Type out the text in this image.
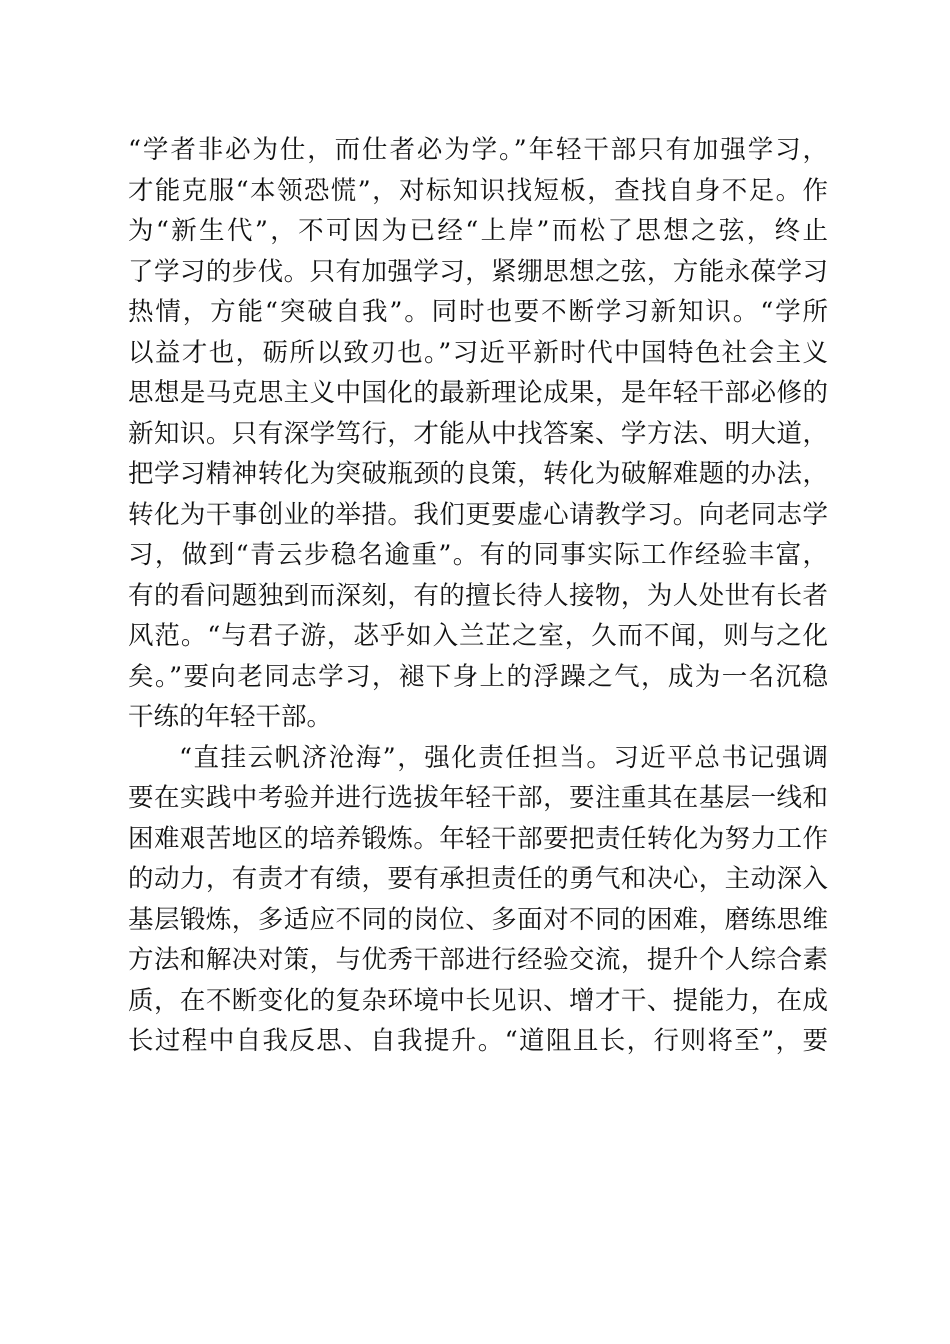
“学者非必为仕，而仕者必为学。”年轻干部只有加强学习，
才能克服“本领恐慌”，对标知识找短板，查找自身不足。作
为“新生代”，不可因为已经“上岸”而松了思想之弦，终止
了学习的步伐。只有加强学习，紧绷思想之弦，方能永葆学习
热情，方能“突破自我”。同时也要不断学习新知识。“学所
以益才也，砺所以致刃也。”习近平新时代中国特色社会主义
思想是马克思主义中国化的最新理论成果，是年轻干部必修的
新知识。只有深学笃行，才能从中找答案、学方法、明大道，
把学习精神转化为突破瓶颈的良策，转化为破解难题的办法，
转化为干事创业的举措。我们更要虚心请教学习。向老同志学
习，做到“青云步稳名逾重”。有的同事实际工作经验丰富，
有的看问题独到而深刻，有的擅长待人接物，为人处世有长者
风范。“与君子游，苾乎如入兰芷之室，久而不闻，则与之化
矣。”要向老同志学习，褪下身上的浮躁之气，成为一名沉稳
干练的年轻干部。
“直挂云帆济沧海”，强化责任担当。习近平总书记强调
要在实践中考验并进行选拔年轻干部，要注重其在基层一线和
困难艰苦地区的培养锻炼。年轻干部要把责任转化为努力工作
的动力，有责才有绩，要有承担责任的勇气和决心，主动深入
基层锻炼，多适应不同的岗位、多面对不同的困难，磨练思维
方法和解决对策，与优秀干部进行经验交流，提升个人综合素
质，在不断变化的复杂环境中长见识、增才干、提能力，在成
长过程中自我反思、自我提升。“道阻且长，行则将至”，要
